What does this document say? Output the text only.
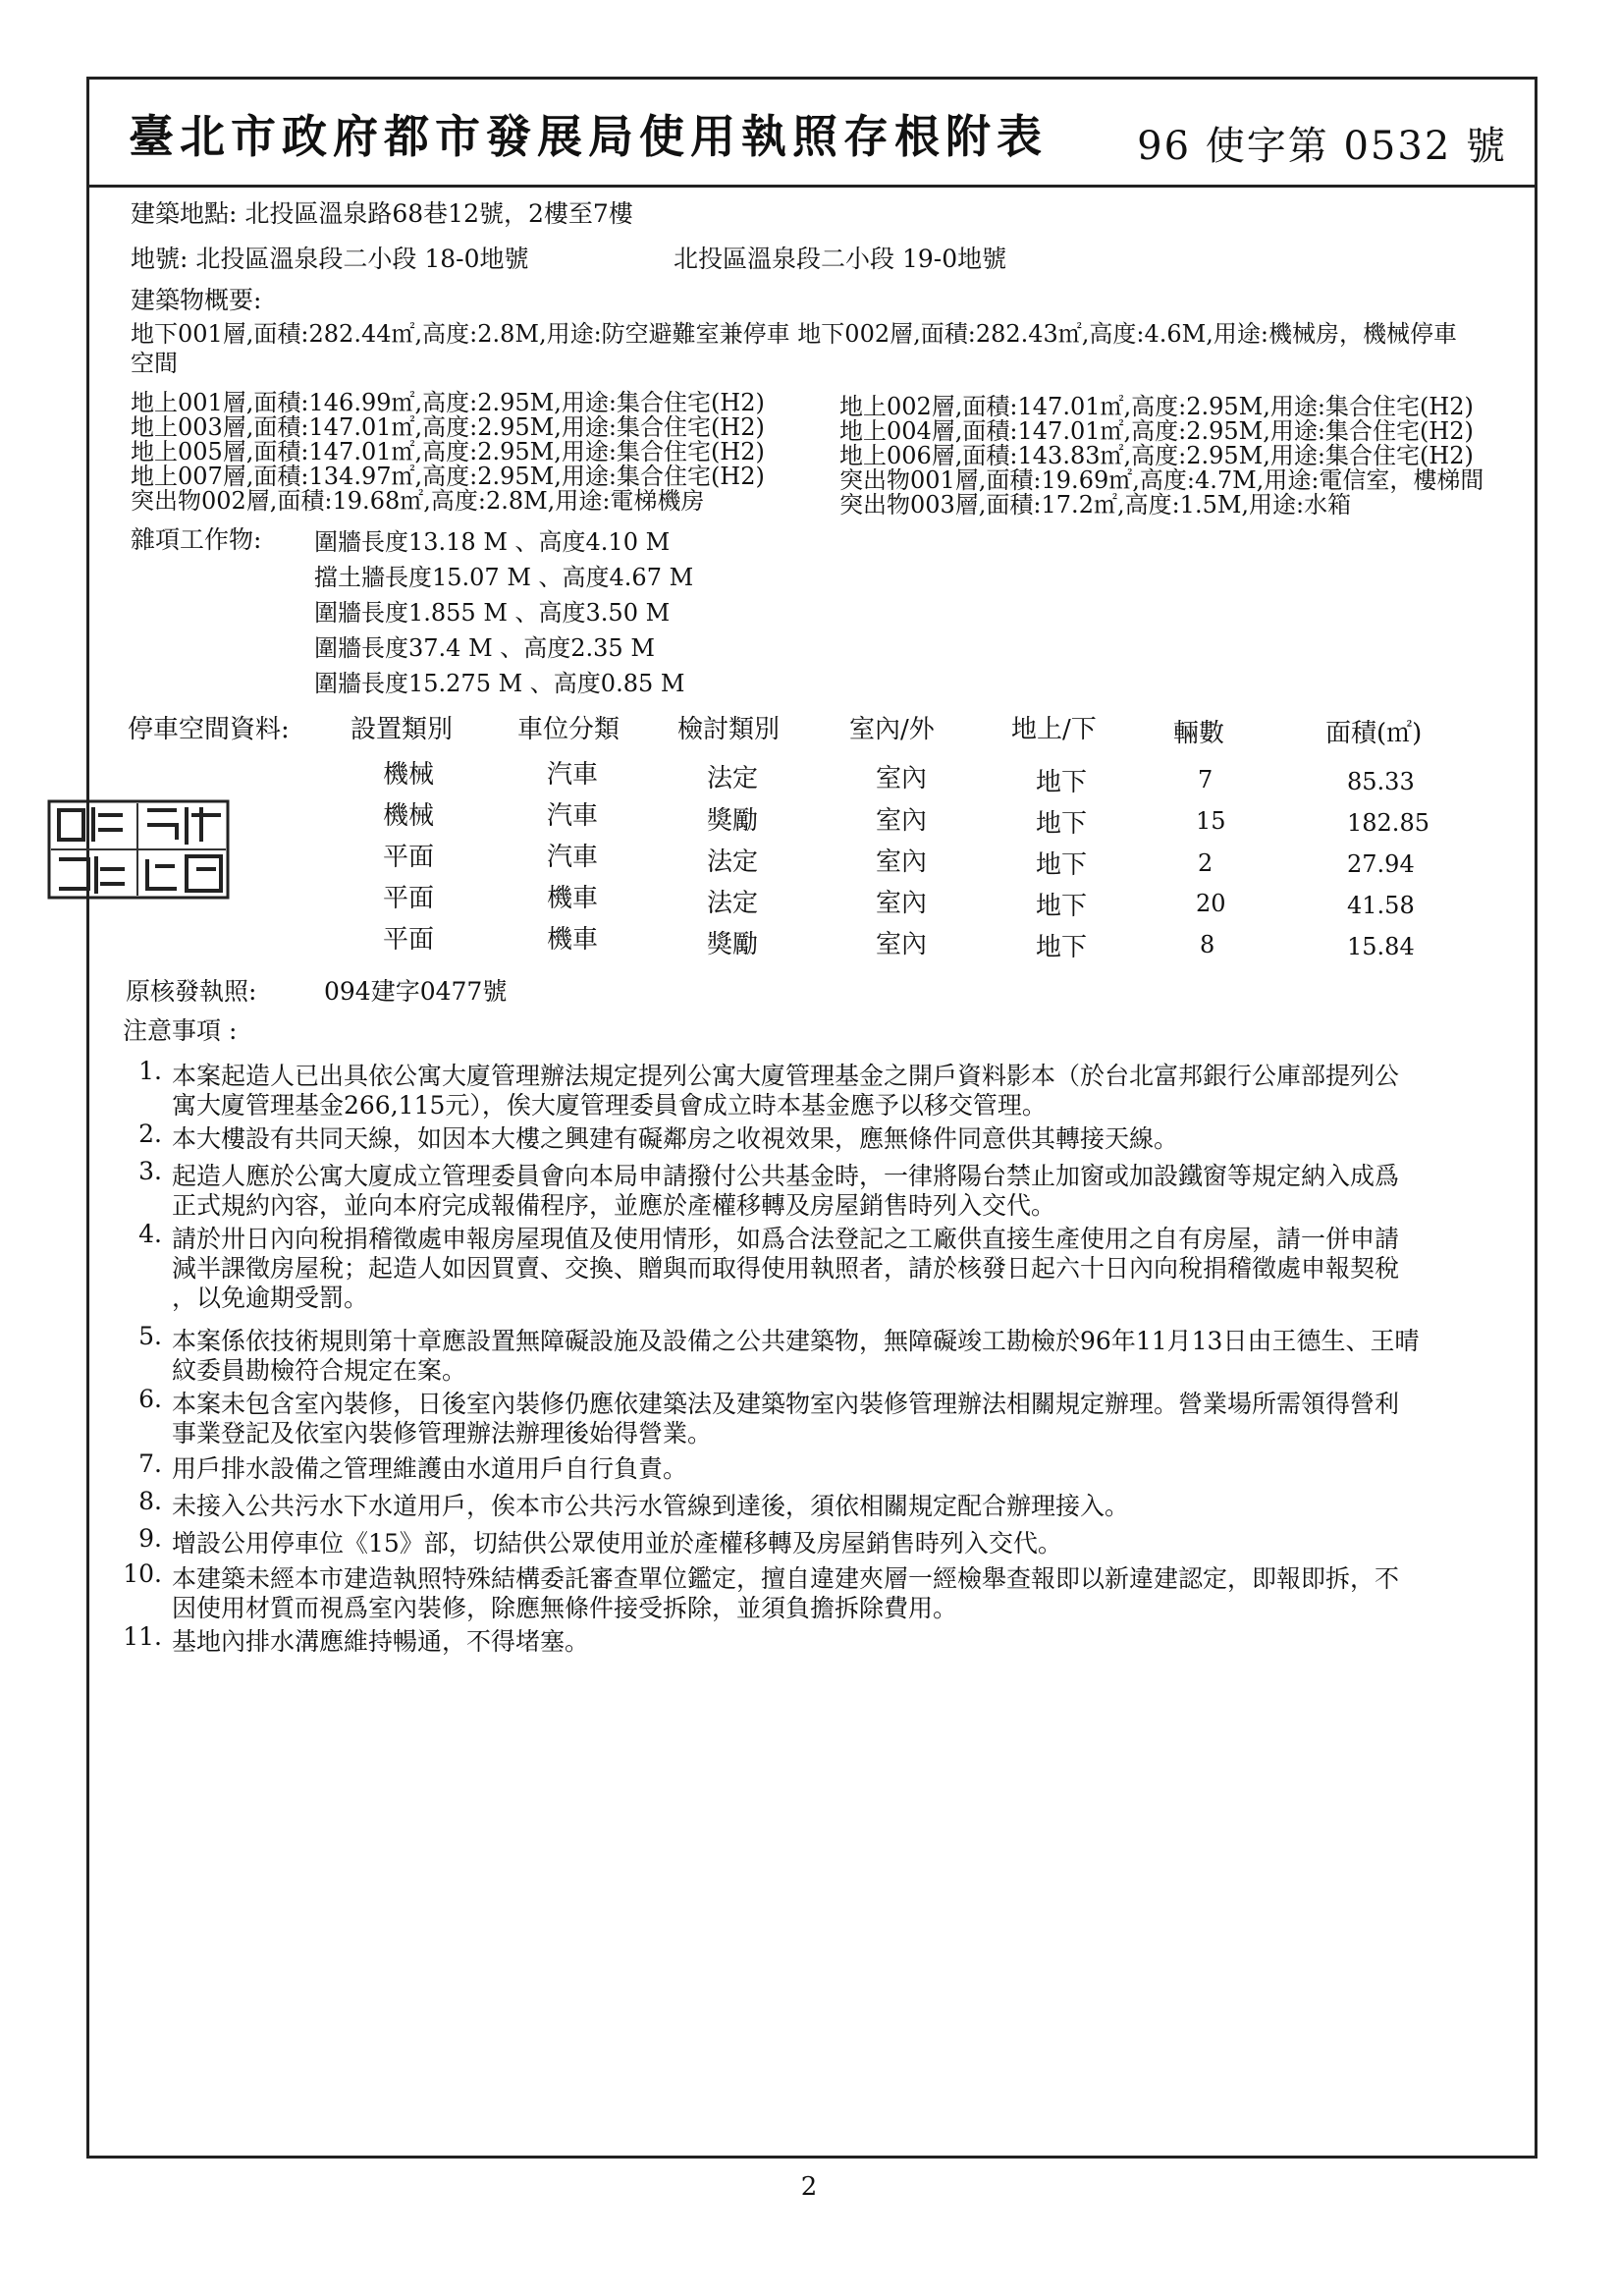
臺北市政府都市發展局使用執照存根附表 96 使字第 0532 號
建築地點: 北投區溫泉路68巷12號，2樓至7樓
地號: 北投區溫泉段二小段 18-0地號	北投區溫泉段二小段 19-0地號
建築物概要:
地下001層,面積:282.44㎡,高度:2.8M,用途:防空避難室兼停車 地下002層,面積:282.43㎡,高度:4.6M,用途:機械房，機械停車
空間
地上001層,面積:146.99㎡,高度:2.95M,用途:集合住宅(H2)
地上003層,面積:147.01㎡,高度:2.95M,用途:集合住宅(H2)
地上005層,面積:147.01㎡,高度:2.95M,用途:集合住宅(H2)
地上007層,面積:134.97㎡,高度:2.95M,用途:集合住宅(H2)
突出物002層,面積:19.68㎡,高度:2.8M,用途:電梯機房
地上002層,面積:147.01㎡,高度:2.95M,用途:集合住宅(H2)
地上004層,面積:147.01㎡,高度:2.95M,用途:集合住宅(H2)
地上006層,面積:143.83㎡,高度:2.95M,用途:集合住宅(H2)
突出物001層,面積:19.69㎡,高度:4.7M,用途:電信室，樓梯間
突出物003層,面積:17.2㎡,高度:1.5M,用途:水箱
雜項工作物: 圍牆長度13.18 M 、高度4.10 M
擋土牆長度15.07 M 、高度4.67 M
圍牆長度1.855 M 、高度3.50 M
圍牆長度37.4 M 、高度2.35 M
圍牆長度15.275 M 、高度0.85 M
停車空間資料: 設置類別	車位分類 檢討類別	室內/外	地上/下	輛數	面積(㎡)
機械	汽車	法定	室內	地下	7	85.33
機械	汽車	獎勵	室內	地下	15	182.85
平面	汽車	法定	室內	地下	2	27.94
平面	機車	法定	室內	地下	20	41.58
平面	機車	獎勵	室內	地下	8	15.84
原核發執照:	094建字0477號
注意事項 :
1. 本案起造人已出具依公寓大廈管理辦法規定提列公寓大廈管理基金之開戶資料影本（於台北富邦銀行公庫部提列公
寓大廈管理基金266,115元），俟大廈管理委員會成立時本基金應予以移交管理。
2. 本大樓設有共同天線，如因本大樓之興建有礙鄰房之收視效果，應無條件同意供其轉接天線。
3. 起造人應於公寓大廈成立管理委員會向本局申請撥付公共基金時，一律將陽台禁止加窗或加設鐵窗等規定納入成爲
正式規約內容，並向本府完成報備程序，並應於產權移轉及房屋銷售時列入交代。
4. 請於卅日內向稅捐稽徵處申報房屋現值及使用情形，如爲合法登記之工廠供直接生產使用之自有房屋，請一併申請
減半課徵房屋稅；起造人如因買賣、交換、贈與而取得使用執照者，請於核發日起六十日內向稅捐稽徵處申報契稅
，以免逾期受罰。
5. 本案係依技術規則第十章應設置無障礙設施及設備之公共建築物，無障礙竣工勘檢於96年11月13日由王德生、王晴
紋委員勘檢符合規定在案。
6. 本案未包含室內裝修，日後室內裝修仍應依建築法及建築物室內裝修管理辦法相關規定辦理。營業場所需領得營利
事業登記及依室內裝修管理辦法辦理後始得營業。
7. 用戶排水設備之管理維護由水道用戶自行負責。
8. 未接入公共污水下水道用戶，俟本市公共污水管線到達後，須依相關規定配合辦理接入。
9. 增設公用停車位《15》部，切結供公眾使用並於產權移轉及房屋銷售時列入交代。
10. 本建築未經本市建造執照特殊結構委託審查單位鑑定，擅自違建夾層一經檢舉查報即以新違建認定，即報即拆，不
因使用材質而視爲室內裝修，除應無條件接受拆除，並須負擔拆除費用。
11. 基地內排水溝應維持暢通，不得堵塞。
2
